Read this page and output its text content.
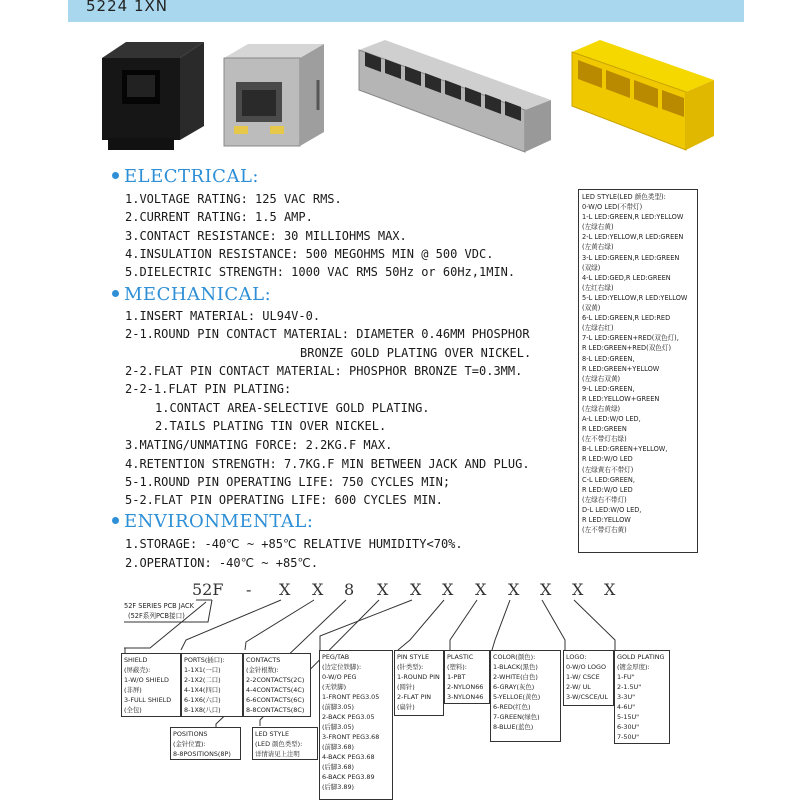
5224 1XN
ELECTRICAL:
1.VOLTAGE RATING: 125 VAC RMS.
2.CURRENT RATING: 1.5 AMP.
3.CONTACT RESISTANCE: 30 MILLIOHMS MAX.
4.INSULATION RESISTANCE: 500 MEGOHMS MIN @ 500 VDC.
5.DIELECTRIC STRENGTH: 1000 VAC RMS 50Hz or 60Hz,1MIN.
MECHANICAL:
1.INSERT MATERIAL: UL94V-0.
2-1.ROUND PIN CONTACT MATERIAL: DIAMETER 0.46MM PHOSPHOR
BRONZE GOLD PLATING OVER NICKEL.
2-2.FLAT PIN CONTACT MATERIAL: PHOSPHOR BRONZE T=0.3MM.
2-2-1.FLAT PIN PLATING:
1.CONTACT AREA-SELECTIVE GOLD PLATING.
2.TAILS PLATING TIN OVER NICKEL.
3.MATING/UNMATING FORCE: 2.2KG.F MAX.
4.RETENTION STRENGTH: 7.7KG.F MIN BETWEEN JACK AND PLUG.
5-1.ROUND PIN OPERATING LIFE: 750 CYCLES MIN;
5-2.FLAT PIN OPERATING LIFE: 600 CYCLES MIN.
ENVIRONMENTAL:
1.STORAGE: -40℃ ~ +85℃ RELATIVE HUMIDITY<70%.
2.OPERATION: -40℃ ~ +85℃.
LED STYLE(LED 颜色类型):
0-W/O LED(不带灯)
1-L LED:GREEN,R LED:YELLOW
(左绿右黄)
2-L LED:YELLOW,R LED:GREEN
(左黄右绿)
3-L LED:GREEN,R LED:GREEN
(双绿)
4-L LED:GED,R LED:GREEN
(左红右绿)
5-L LED:YELLOW,R LED:YELLOW
(双黄)
6-L LED:GREEN,R LED:RED
(左绿右红)
7-L LED:GREEN+RED(双色灯),
R LED:GREEN+RED(双色灯)
8-L LED:GREEN,
R LED:GREEN+YELLOW
(左绿右双黄)
9-L LED:GREEN,
R LED:YELLOW+GREEN
(左绿右黄绿)
A-L LED:W/O LED,
R LED:GREEN
(左不带灯右绿)
B-L LED:GREEN+YELLOW,
R LED:W/O LED
(左绿黄右不带灯)
C-L LED:GREEN,
R LED:W/O LED
(左绿右不带灯)
D-L LED:W/O LED,
R LED:YELLOW
(左不带灯右黄)
52F - X X 8 X X X X X X X X
52F SERIES PCB JACK
(52F系列PCB接口)
SHIELD
(屏蔽壳):
1-W/O SHIELD
(非屏)
3-FULL SHIELD
(全包)
PORTS(插口):
1-1X1(一口)
2-1X2(二口)
4-1X4(四口)
6-1X6(六口)
8-1X8(八口)
CONTACTS
(金针根数):
2-2CONTACTS(2C)
4-4CONTACTS(4C)
6-6CONTACTS(6C)
8-8CONTACTS(8C)
POSITIONS
(金针位置):
8-8POSITIONS(8P)
LED STYLE
(LED 颜色类型):
详情请见上注明
PEG/TAB
(边定位铁脚):
0-W/O PEG
(无铁脚)
1-FRONT PEG3.05
(前脚3.05)
2-BACK PEG3.05
(后脚3.05)
3-FRONT PEG3.68
(前脚3.68)
4-BACK PEG3.68
(后脚3.68)
6-BACK PEG3.89
(后脚3.89)
PIN STYLE
(针类型):
1-ROUND PIN
(圆针)
2-FLAT PIN
(扁针)
PLASTIC
(塑料):
1-PBT
2-NYLON66
3-NYLON46
COLOR(颜色):
1-BLACK(黑色)
2-WHITE(白色)
6-GRAY(灰色)
5-YELLOE(黄色)
6-RED(红色)
7-GREEN(绿色)
8-BLUE(蓝色)
LOGO:
0-W/O LOGO
1-W/ CSCE
2-W/ UL
3-W/CSCE/UL
GOLD PLATING
(镀金厚度):
1-FU"
2-1.5U"
3-3U"
4-6U"
5-15U"
6-30U"
7-50U"
